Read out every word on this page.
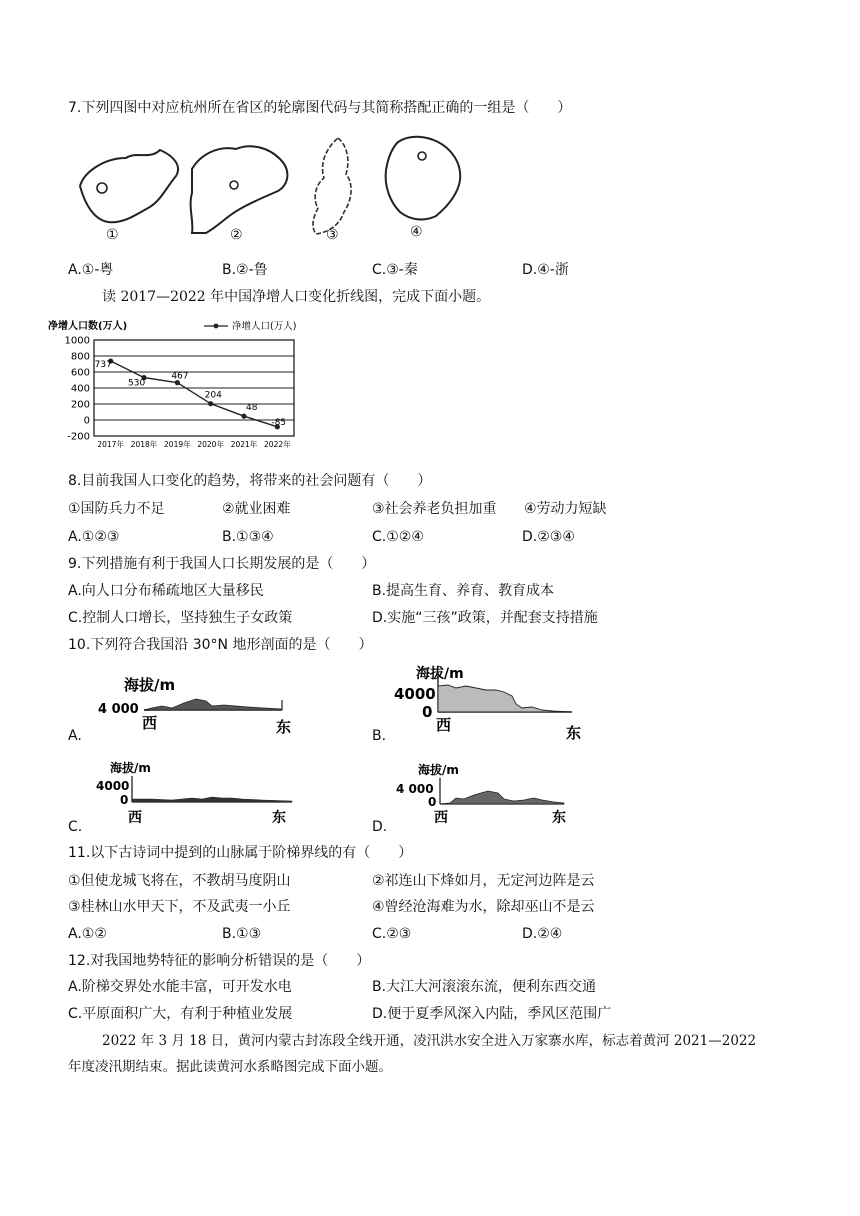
7.下列四图中对应杭州所在省区的轮廓图代码与其简称搭配正确的一组是（　　）
①	②	③	④
A.①-粤	B.②-鲁	C.③-秦	D.④-浙
读 2017—2022 年中国净增人口变化折线图，完成下面小题。
净增人口数(万人)	净增人口(万人)
1000
800
600
400
200
0
-200
2017年 2018年 2019年 2020年 2021年 2022年
737
530
467
204
48
-85
8.目前我国人口变化的趋势，将带来的社会问题有（　　）
①国防兵力不足	②就业困难	③社会养老负担加重 ④劳动力短缺
A.①②③	B.①③④	C.①②④	D.②③④
9.下列措施有利于我国人口长期发展的是（　　）
A.向人口分布稀疏地区大量移民	B.提高生育、养育、教育成本
C.控制人口增长，坚持独生子女政策	D.实施“三孩”政策，并配套支持措施
10.下列符合我国沿 30°N 地形剖面的是（　　）
海拔/m
4 000
西	东
A.
海拔/m
4000
0
西	东
B.
海拔/m
4000
0
西	东
C.
海拔/m
4 000
0
西	东
D.
11.以下古诗词中提到的山脉属于阶梯界线的有（　　）
①但使龙城飞将在，不教胡马度阴山	②祁连山下烽如月，无定河边阵是云
③桂林山水甲天下，不及武夷一小丘	④曾经沧海难为水，除却巫山不是云
A.①②	B.①③	C.②③	D.②④
12.对我国地势特征的影响分析错误的是（　　）
A.阶梯交界处水能丰富，可开发水电	B.大江大河滚滚东流，便利东西交通
C.平原面积广大，有利于种植业发展	D.便于夏季风深入内陆，季风区范围广
2022 年 3 月 18 日，黄河内蒙古封冻段全线开通，凌汛洪水安全进入万家寨水库，标志着黄河 2021—2022
年度凌汛期结束。据此读黄河水系略图完成下面小题。
